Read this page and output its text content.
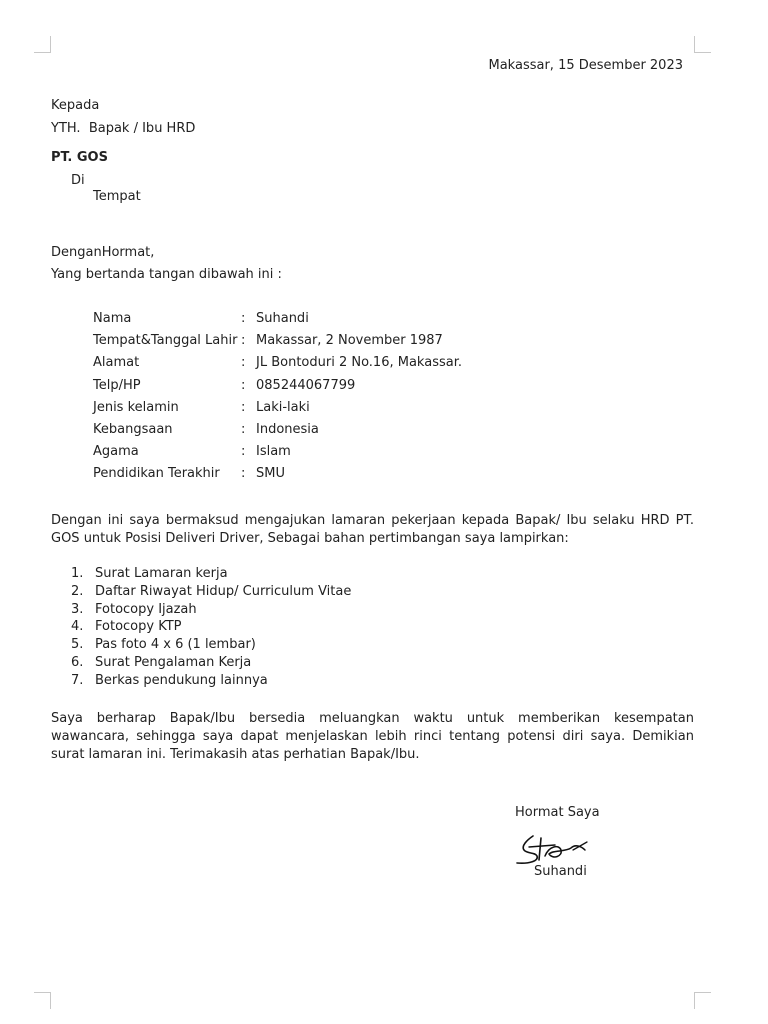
Makassar, 15 Desember 2023
Kepada
YTH.  Bapak / Ibu HRD
PT. GOS
Di
Tempat
DenganHormat,
Yang bertanda tangan dibawah ini :
Nama	: Suhandi
Tempat&Tanggal Lahir : Makassar, 2 November 1987
Alamat	: JL Bontoduri 2 No.16, Makassar.
Telp/HP	: 085244067799
Jenis kelamin	: Laki-laki
Kebangsaan	: Indonesia
Agama	: Islam
Pendidikan Terakhir : SMU
Dengan ini saya bermaksud mengajukan lamaran pekerjaan kepada Bapak/ Ibu selaku HRD PT. GOS untuk Posisi Deliveri Driver, Sebagai bahan pertimbangan saya lampirkan:
1. Surat Lamaran kerja
2. Daftar Riwayat Hidup/ Curriculum Vitae
3. Fotocopy Ijazah
4. Fotocopy KTP
5. Pas foto 4 x 6 (1 lembar)
6. Surat Pengalaman Kerja
7. Berkas pendukung lainnya
Saya berharap Bapak/Ibu bersedia meluangkan waktu untuk memberikan kesempatan wawancara, sehingga saya dapat menjelaskan lebih rinci tentang potensi diri saya. Demikian surat lamaran ini. Terimakasih atas perhatian Bapak/Ibu.
Hormat Saya
Suhandi
